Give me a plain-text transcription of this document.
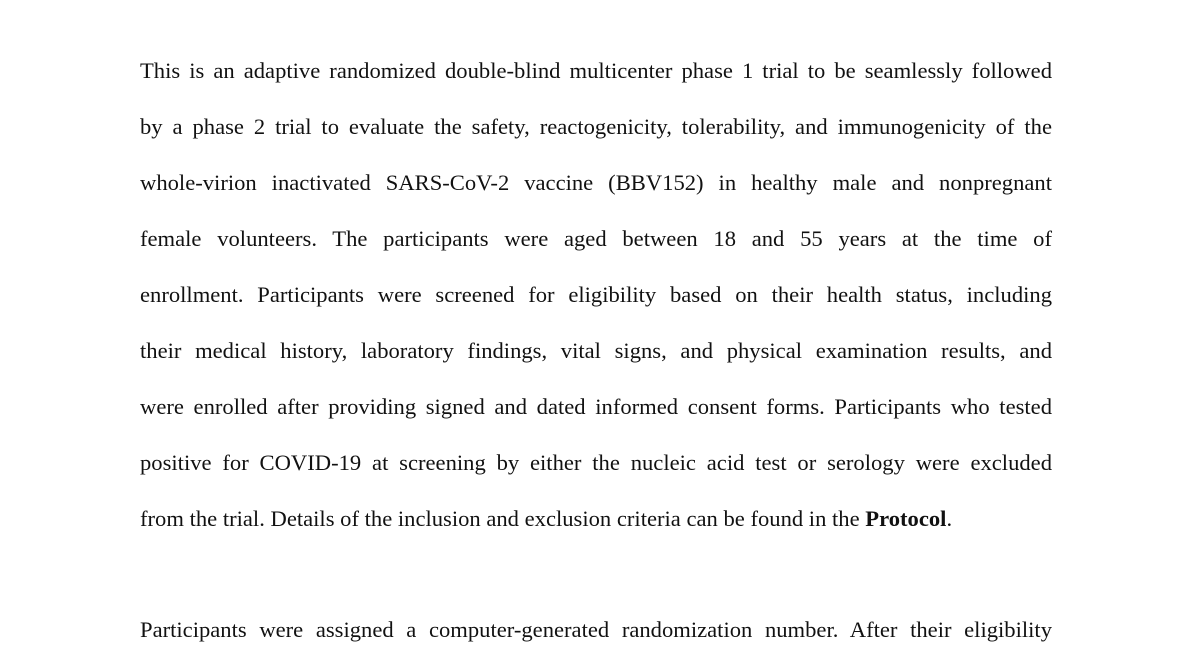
This is an adaptive randomized double-blind multicenter phase 1 trial to be seamlessly followed
by a phase 2 trial to evaluate the safety, reactogenicity, tolerability, and immunogenicity of the
whole-virion inactivated SARS-CoV-2 vaccine (BBV152) in healthy male and nonpregnant
female volunteers. The participants were aged between 18 and 55 years at the time of
enrollment. Participants were screened for eligibility based on their health status, including
their medical history, laboratory findings, vital signs, and physical examination results, and
were enrolled after providing signed and dated informed consent forms. Participants who tested
positive for COVID-19 at screening by either the nucleic acid test or serology were excluded
from the trial. Details of the inclusion and exclusion criteria can be found in the Protocol.
Participants were assigned a computer-generated randomization number. After their eligibility
